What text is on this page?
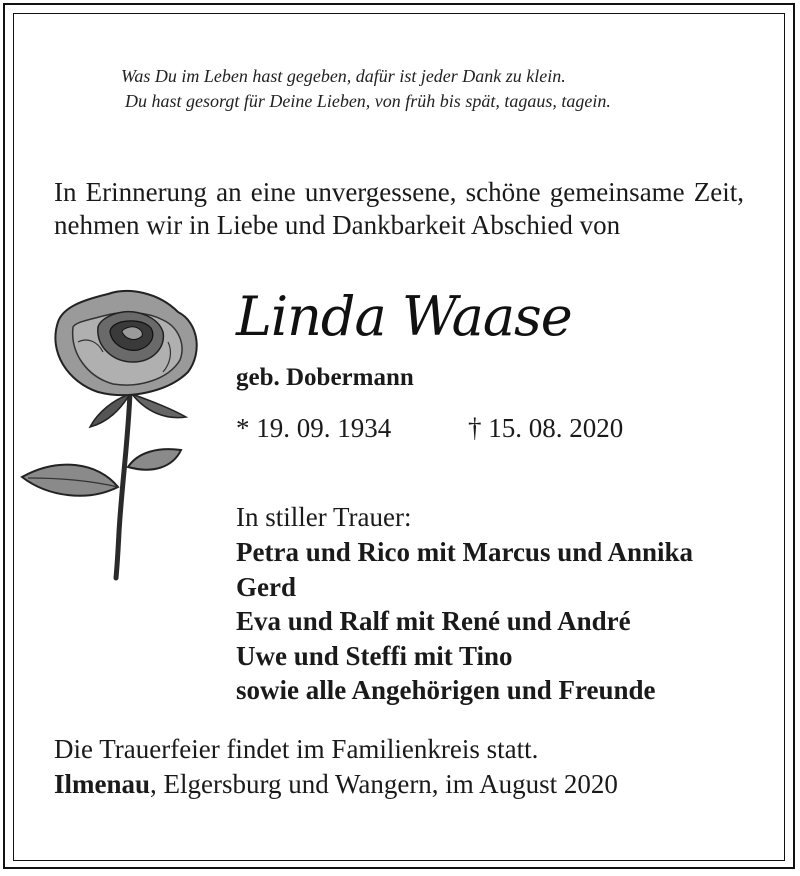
Was Du im Leben hast gegeben, dafür ist jeder Dank zu klein.
Du hast gesorgt für Deine Lieben, von früh bis spät, tagaus, tagein.
In Erinnerung an eine unvergessene, schöne gemeinsame Zeit, nehmen wir in Liebe und Dankbarkeit Abschied von
Linda Waase
geb. Dobermann
* 19. 09. 1934	† 15. 08. 2020
In stiller Trauer:
Petra und Rico mit Marcus und Annika
Gerd
Eva und Ralf mit René und André
Uwe und Steffi mit Tino
sowie alle Angehörigen und Freunde
Die Trauerfeier findet im Familienkreis statt.
Ilmenau, Elgersburg und Wangern, im August 2020
